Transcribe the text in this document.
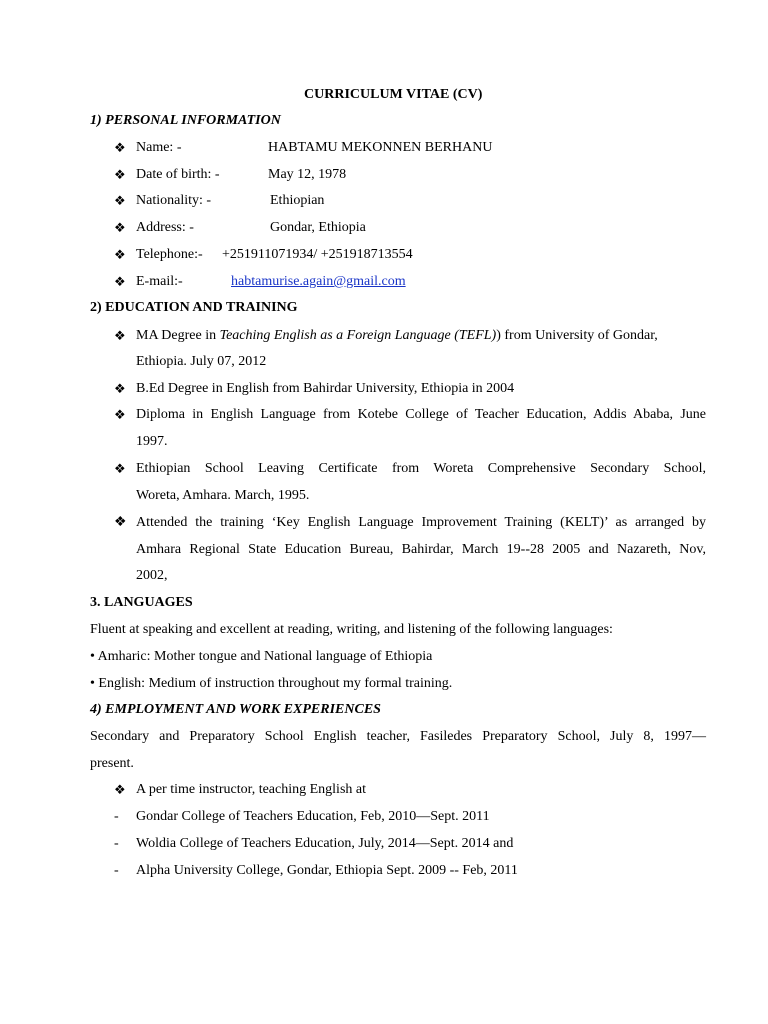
CURRICULUM VITAE (CV)
1) PERSONAL INFORMATION
❖ Name: -	HABTAMU MEKONNEN BERHANU
❖ Date of birth: -	May 12, 1978
❖ Nationality: -	Ethiopian
❖ Address: -	Gondar, Ethiopia
❖ Telephone:- +251911071934/ +251918713554
❖ E-mail:-	habtamurise.again@gmail.com
2) EDUCATION AND TRAINING
❖ MA Degree in Teaching English as a Foreign Language (TEFL)) from University of Gondar,
Ethiopia. July 07, 2012
❖ B.Ed Degree in English from Bahirdar University, Ethiopia in 2004
❖ Diploma in English Language from Kotebe College of Teacher Education, Addis Ababa, June
1997.
❖ Ethiopian School Leaving Certificate from Woreta Comprehensive Secondary School,
Woreta, Amhara. March, 1995.
❖ Attended the training ‘Key English Language Improvement Training (KELT)’ as arranged by
Amhara Regional State Education Bureau, Bahirdar, March 19--28 2005 and Nazareth, Nov,
2002,
3. LANGUAGES
Fluent at speaking and excellent at reading, writing, and listening of the following languages:
• Amharic: Mother tongue and National language of Ethiopia
• English: Medium of instruction throughout my formal training.
4) EMPLOYMENT AND WORK EXPERIENCES
Secondary and Preparatory School English teacher, Fasiledes Preparatory School, July 8, 1997—
present.
❖ A per time instructor, teaching English at
- Gondar College of Teachers Education, Feb, 2010—Sept. 2011
- Woldia College of Teachers Education, July, 2014—Sept. 2014 and
- Alpha University College, Gondar, Ethiopia Sept. 2009 -- Feb, 2011
